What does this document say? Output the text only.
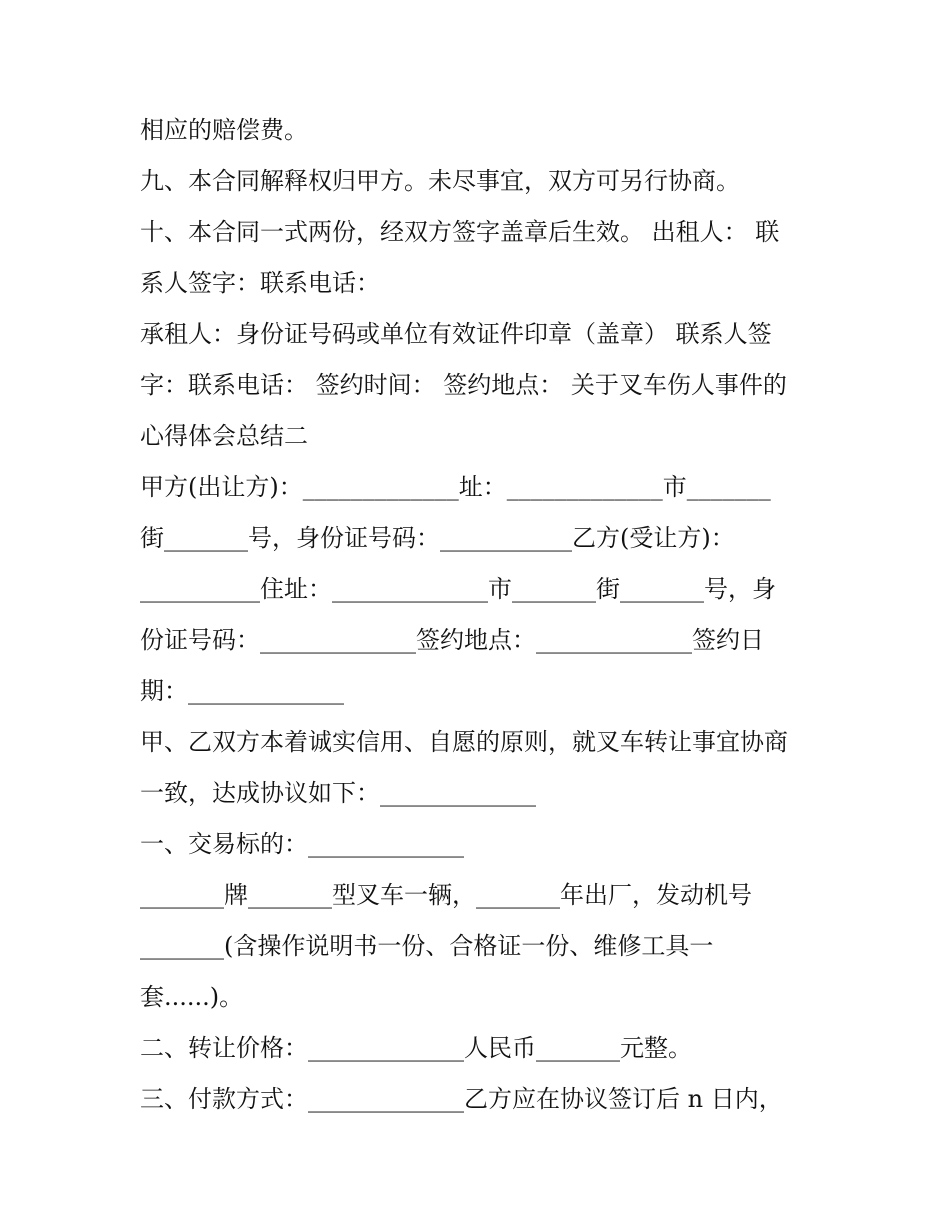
相应的赔偿费。
九、本合同解释权归甲方。未尽事宜，双方可另行协商。
十、本合同一式两份，经双方签字盖章后生效。 出租人： 联
系人签字：联系电话：
承租人：身份证号码或单位有效证件印章（盖章） 联系人签
字：联系电话： 签约时间： 签约地点： 关于叉车伤人事件的
心得体会总结二
甲方(出让方)：_____________址：_____________市_______
街_______号，身份证号码：___________乙方(受让方)：
__________住址：_____________市_______街_______号，身
份证号码：_____________签约地点：_____________签约日
期：_____________
甲、乙双方本着诚实信用、自愿的原则，就叉车转让事宜协商
一致，达成协议如下：_____________
一、交易标的：_____________
_______牌_______型叉车一辆，_______年出厂，发动机号
_______(含操作说明书一份、合格证一份、维修工具一
套......)。
二、转让价格：_____________人民币_______元整。
三、付款方式：_____________乙方应在协议签订后 n 日内，
